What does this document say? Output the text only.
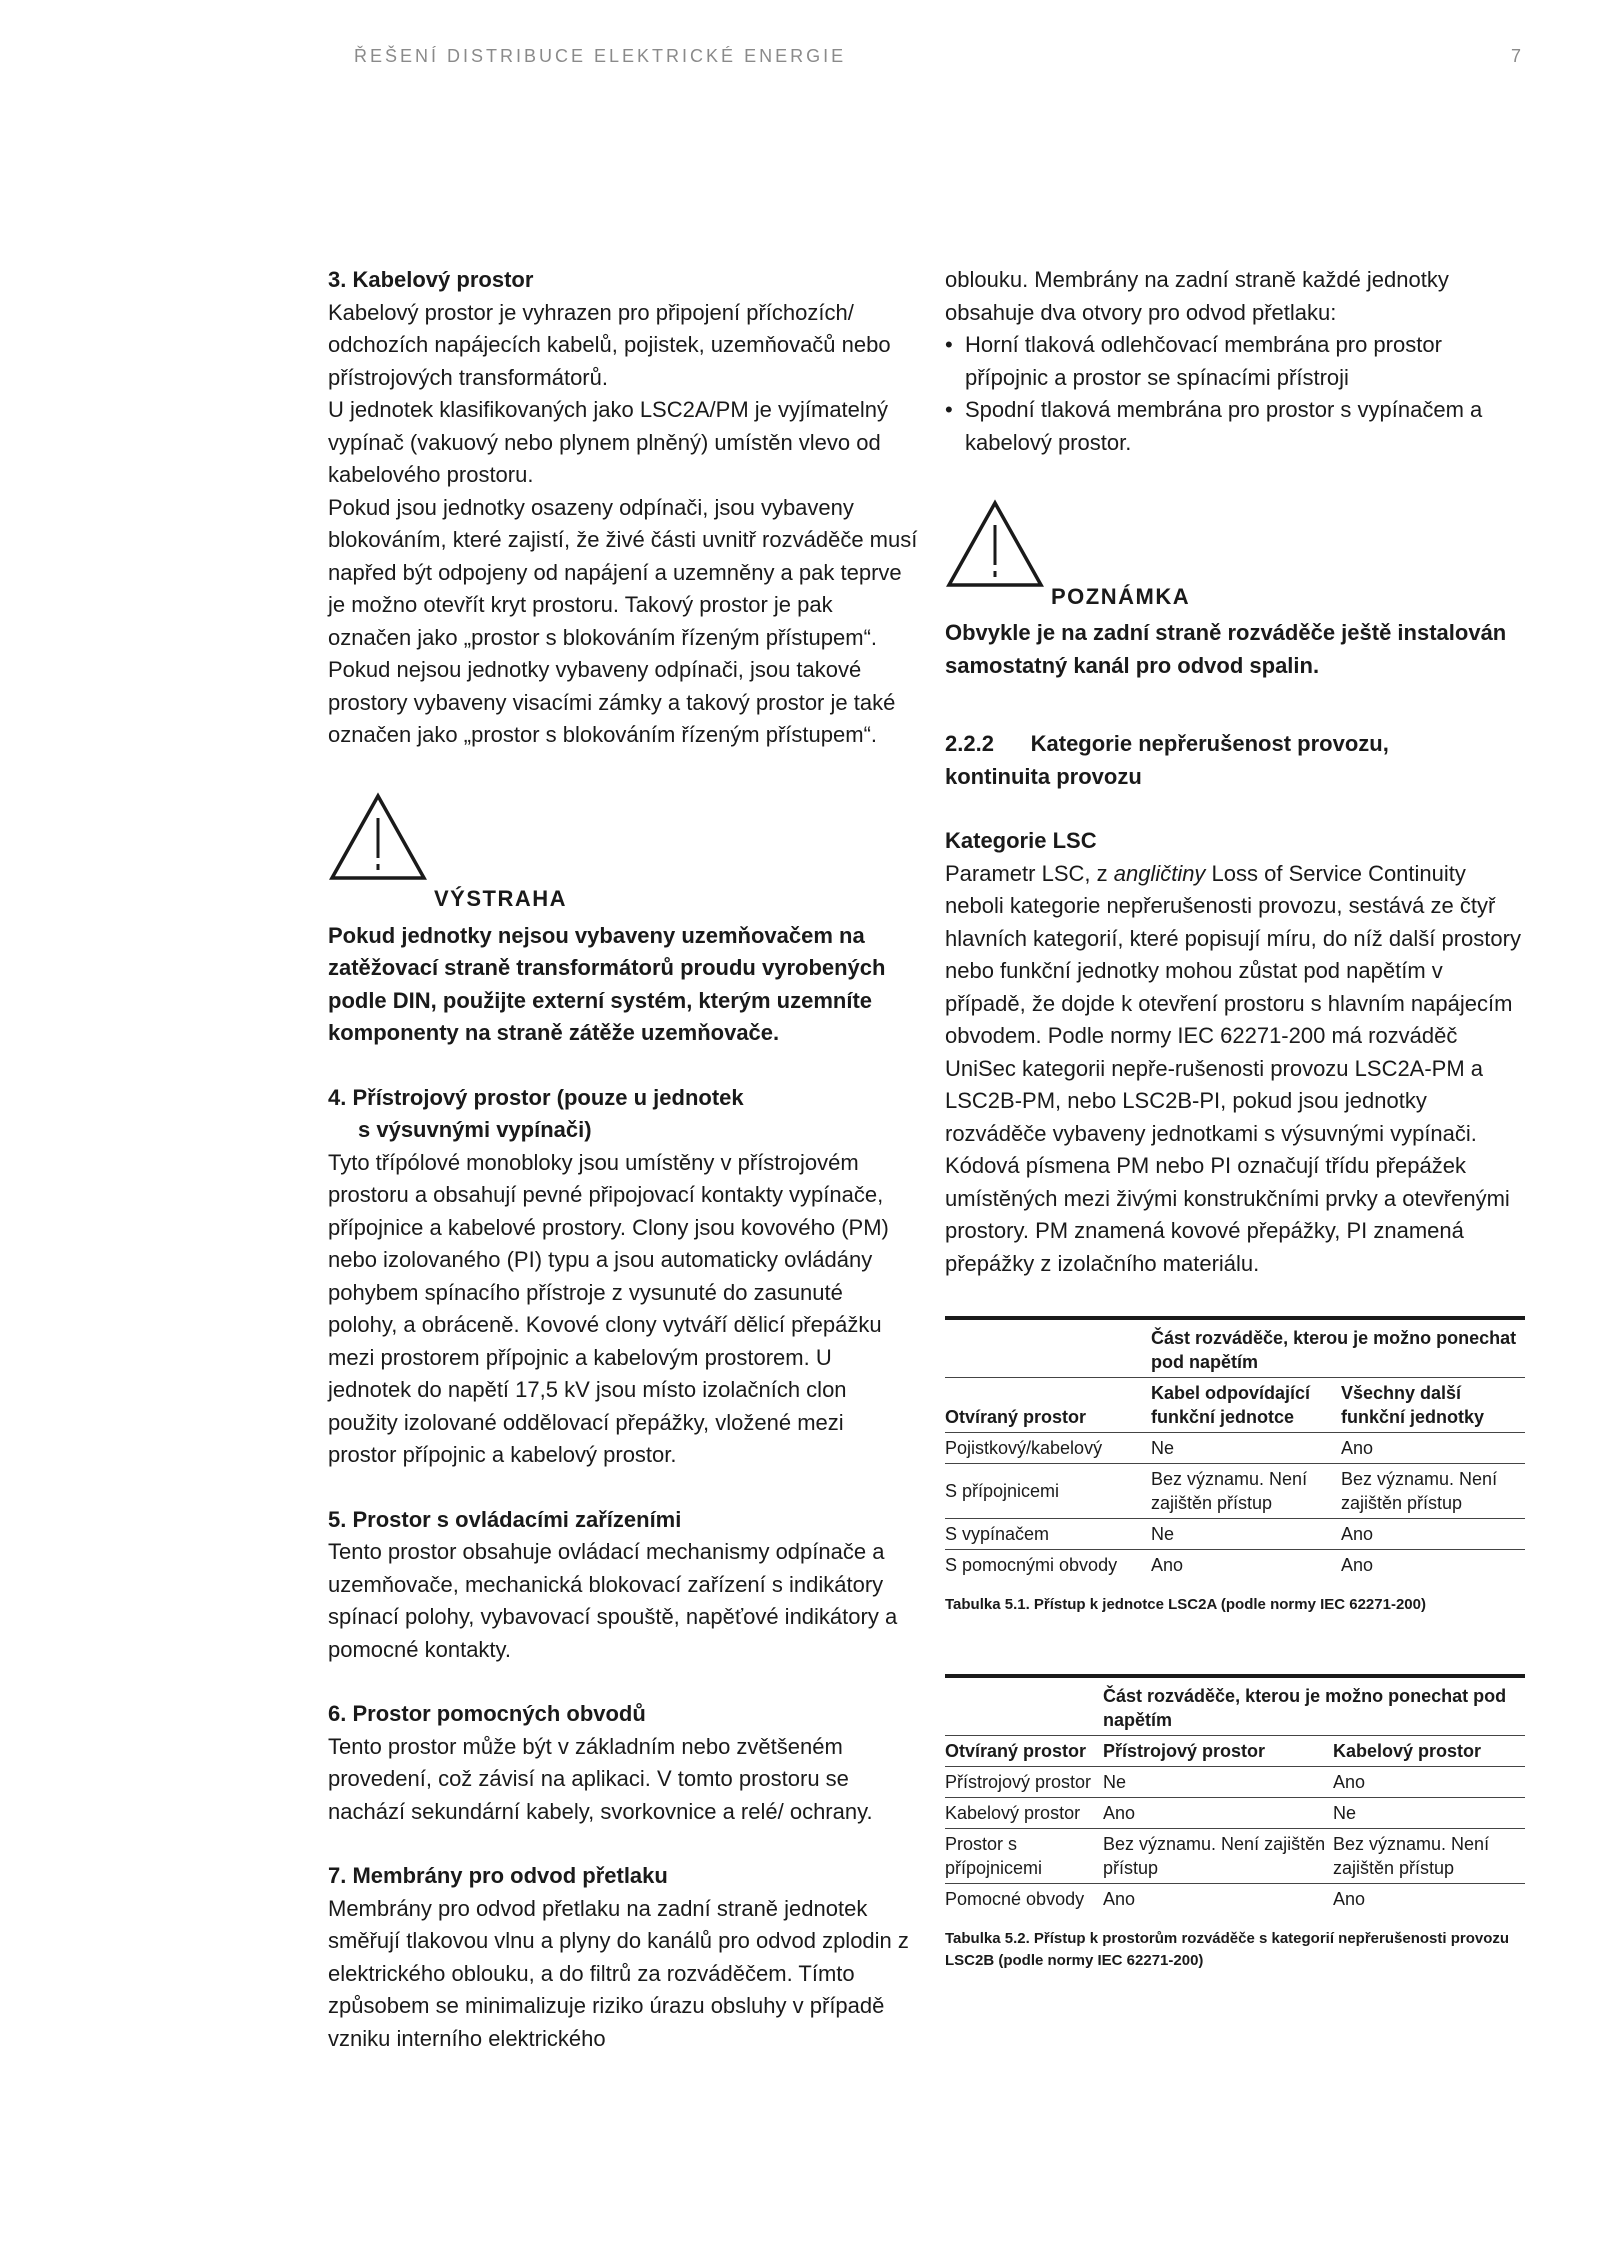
ŘEŠENÍ DISTRIBUCE ELEKTRICKÉ ENERGIE	7

3. Kabelový prostor

Kabelový prostor je vyhrazen pro připojení příchozích/ odchozích napájecích kabelů, pojistek, uzemňovačů nebo přístrojových transformátorů.

U jednotek klasifikovaných jako LSC2A/PM je vyjímatelný vypínač (vakuový nebo plynem plněný) umístěn vlevo od kabelového prostoru.

Pokud jsou jednotky osazeny odpínači, jsou vybaveny blokováním, které zajistí, že živé části uvnitř rozváděče musí napřed být odpojeny od napájení a uzemněny a pak teprve je možno otevřít kryt prostoru. Takový prostor je pak označen jako „prostor s blokováním řízeným přístupem“.

Pokud nejsou jednotky vybaveny odpínači, jsou takové prostory vybaveny visacími zámky a takový prostor je také označen jako „prostor s blokováním řízeným přístupem“.

VÝSTRAHA

Pokud jednotky nejsou vybaveny uzemňovačem na zatěžovací straně transformátorů proudu vyrobených podle DIN, použijte externí systém, kterým uzemníte komponenty na straně zátěže uzemňovače.

4. Přístrojový prostor (pouze u jednotek

s výsuvnými vypínači)

Tyto třípólové monobloky jsou umístěny v přístrojovém prostoru a obsahují pevné připojovací kontakty vypínače, přípojnice a kabelové prostory. Clony jsou kovového (PM) nebo izolovaného (PI) typu a jsou automaticky ovládány pohybem spínacího přístroje z vysunuté do zasunuté polohy, a obráceně. Kovové clony vytváří dělicí přepážku mezi prostorem přípojnic a kabelovým prostorem. U jednotek do napětí 17,5 kV jsou místo izolačních clon použity izolované oddělovací přepážky, vložené mezi prostor přípojnic a kabelový prostor.

5. Prostor s ovládacími zařízeními

Tento prostor obsahuje ovládací mechanismy odpínače a uzemňovače, mechanická blokovací zařízení s indikátory spínací polohy, vybavovací spouště, napěťové indikátory a pomocné kontakty.

6. Prostor pomocných obvodů

Tento prostor může být v základním nebo zvětšeném provedení, což závisí na aplikaci. V tomto prostoru se nachází sekundární kabely, svorkovnice a relé/ ochrany.

7. Membrány pro odvod přetlaku

Membrány pro odvod přetlaku na zadní straně jednotek směřují tlakovou vlnu a plyny do kanálů pro odvod zplodin z elektrického oblouku, a do filtrů za rozváděčem. Tímto způsobem se minimalizuje riziko úrazu obsluhy v případě vzniku interního elektrického

oblouku. Membrány na zadní straně každé jednotky obsahuje dva otvory pro odvod přetlaku:

• Horní tlaková odlehčovací membrána pro prostor přípojnic a prostor se spínacími přístroji
• Spodní tlaková membrána pro prostor s vypínačem a kabelový prostor.
POZNÁMKA

Obvykle je na zadní straně rozváděče ještě instalován samostatný kanál pro odvod spalin.

2.2.2 Kategorie nepřerušenost provozu,

kontinuita provozu

Kategorie LSC

Parametr LSC, z angličtiny Loss of Service Continuity neboli kategorie nepřerušenosti provozu, sestává ze čtyř hlavních kategorií, které popisují míru, do níž další prostory nebo funkční jednotky mohou zůstat pod napětím v případě, že dojde k otevření prostoru s hlavním napájecím obvodem. Podle normy IEC 62271-200 má rozváděč UniSec kategorii nepře-rušenosti provozu LSC2A-PM a LSC2B-PM, nebo LSC2B-PI, pokud jsou jednotky rozváděče vybaveny jednotkami s výsuvnými vypínači. Kódová písmena PM nebo PI označují třídu přepážek umístěných mezi živými konstrukčními prvky a otevřenými prostory. PM znamená kovové přepážky, PI znamená přepážky z izolačního materiálu.

	Část rozváděče, kterou je možno ponechat pod napětím	
Otvíraný prostor	Kabel odpovídající funkční jednotce	Všechny další funkční jednotky
Pojistkový/kabelový	Ne	Ano
S přípojnicemi	Bez významu. Není zajištěn přístup	Bez významu. Není zajištěn přístup
S vypínačem	Ne	Ano
S pomocnými obvody	Ano	Ano
Tabulka 5.1. Přístup k jednotce LSC2A (podle normy IEC 62271-200)
	Část rozváděče, kterou je možno ponechat pod napětím	
Otvíraný prostor	Přístrojový prostor	Kabelový prostor
Přístrojový prostor	Ne	Ano
Kabelový prostor	Ano	Ne
Prostor s přípojnicemi	Bez významu. Není zajištěn přístup	Bez významu. Není zajištěn přístup
Pomocné obvody	Ano	Ano
Tabulka 5.2. Přístup k prostorům rozváděče s kategorií nepřerušenosti provozu LSC2B (podle normy IEC 62271-200)
